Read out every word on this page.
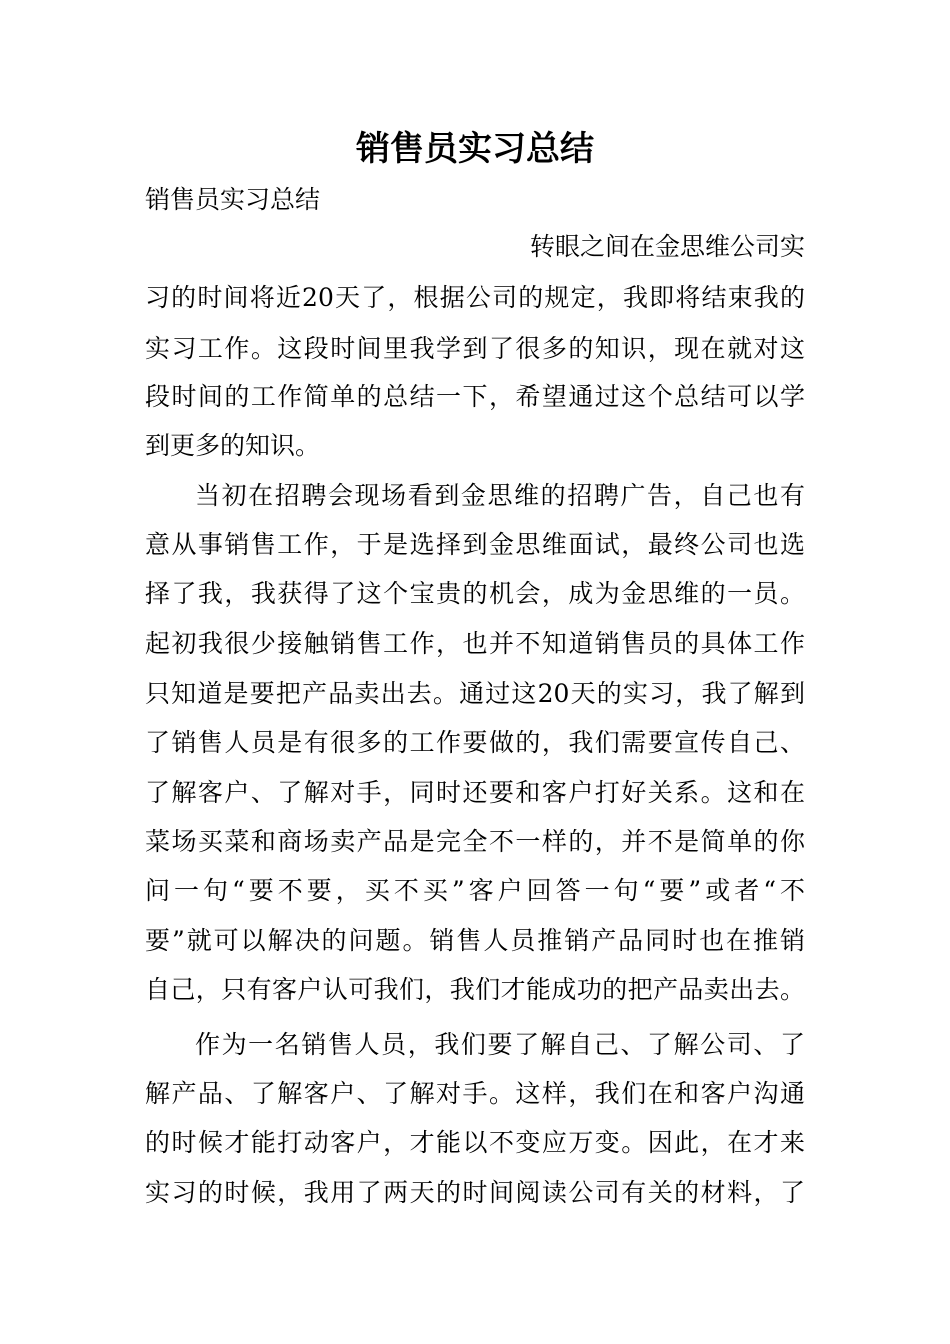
销售员实习总结
销售员实习总结
转眼之间在金思维公司实
习的时间将近20天了，根据公司的规定，我即将结束我的
实习工作。这段时间里我学到了很多的知识，现在就对这
段时间的工作简单的总结一下，希望通过这个总结可以学
到更多的知识。
当初在招聘会现场看到金思维的招聘广告，自己也有
意从事销售工作，于是选择到金思维面试，最终公司也选
择了我，我获得了这个宝贵的机会，成为金思维的一员。
起初我很少接触销售工作，也并不知道销售员的具体工作
只知道是要把产品卖出去。通过这20天的实习，我了解到
了销售人员是有很多的工作要做的，我们需要宣传自己、
了解客户、了解对手，同时还要和客户打好关系。这和在
菜场买菜和商场卖产品是完全不一样的，并不是简单的你
问一句“要不要，买不买”客户回答一句“要”或者“不
要”就可以解决的问题。销售人员推销产品同时也在推销
自己，只有客户认可我们，我们才能成功的把产品卖出去。
作为一名销售人员，我们要了解自己、了解公司、了
解产品、了解客户、了解对手。这样，我们在和客户沟通
的时候才能打动客户，才能以不变应万变。因此，在才来
实习的时候，我用了两天的时间阅读公司有关的材料，了
